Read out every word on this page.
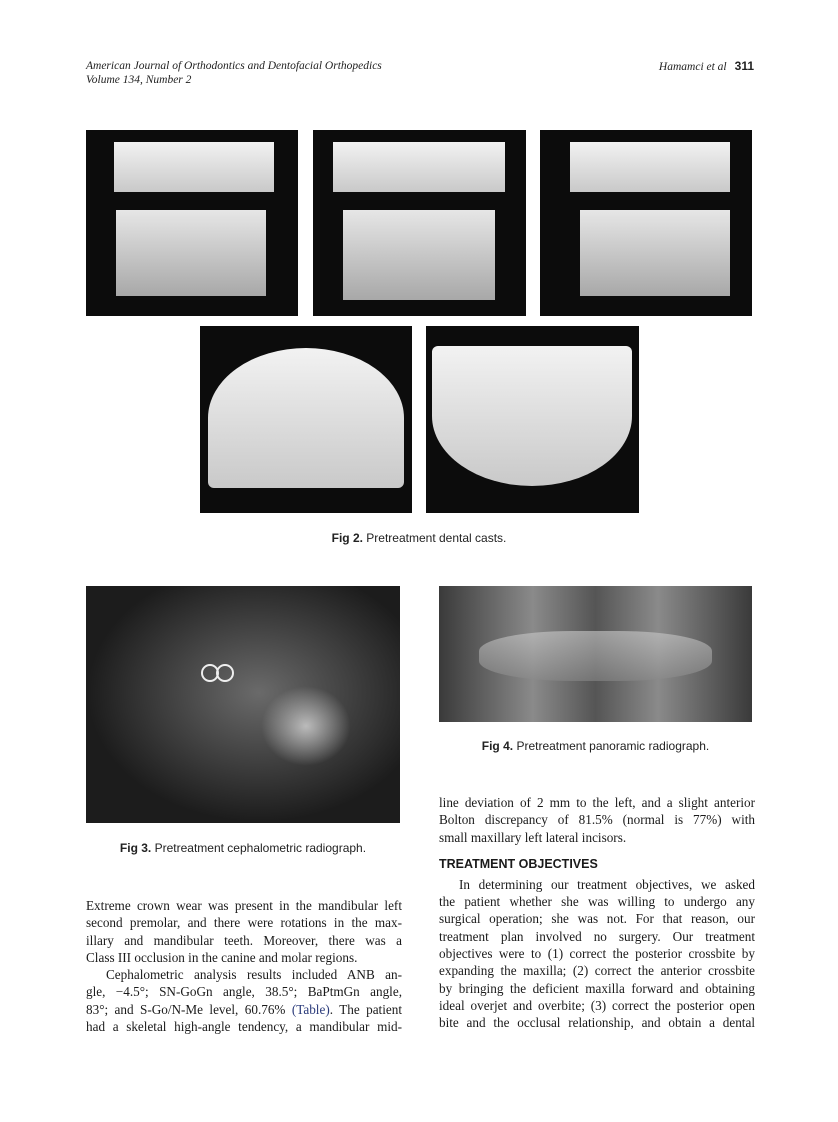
American Journal of Orthodontics and Dentofacial Orthopedics
Volume 134, Number 2
Hamamci et al 311
Fig 2. Pretreatment dental casts.
Fig 3. Pretreatment cephalometric radiograph.
Fig 4. Pretreatment panoramic radiograph.
Extreme crown wear was present in the mandibular left
second premolar, and there were rotations in the max-
illary and mandibular teeth. Moreover, there was a
Class III occlusion in the canine and molar regions.
Cephalometric analysis results included ANB an-
gle, −4.5°; SN-GoGn angle, 38.5°; BaPtmGn angle,
83°; and S-Go/N-Me level, 60.76% (Table). The patient
had a skeletal high-angle tendency, a mandibular mid-
line deviation of 2 mm to the left, and a slight anterior
Bolton discrepancy of 81.5% (normal is 77%) with
small maxillary left lateral incisors.
TREATMENT OBJECTIVES
In determining our treatment objectives, we asked
the patient whether she was willing to undergo any
surgical operation; she was not. For that reason, our
treatment plan involved no surgery. Our treatment
objectives were to (1) correct the posterior crossbite by
expanding the maxilla; (2) correct the anterior crossbite
by bringing the deficient maxilla forward and obtaining
ideal overjet and overbite; (3) correct the posterior open
bite and the occlusal relationship, and obtain a dental
